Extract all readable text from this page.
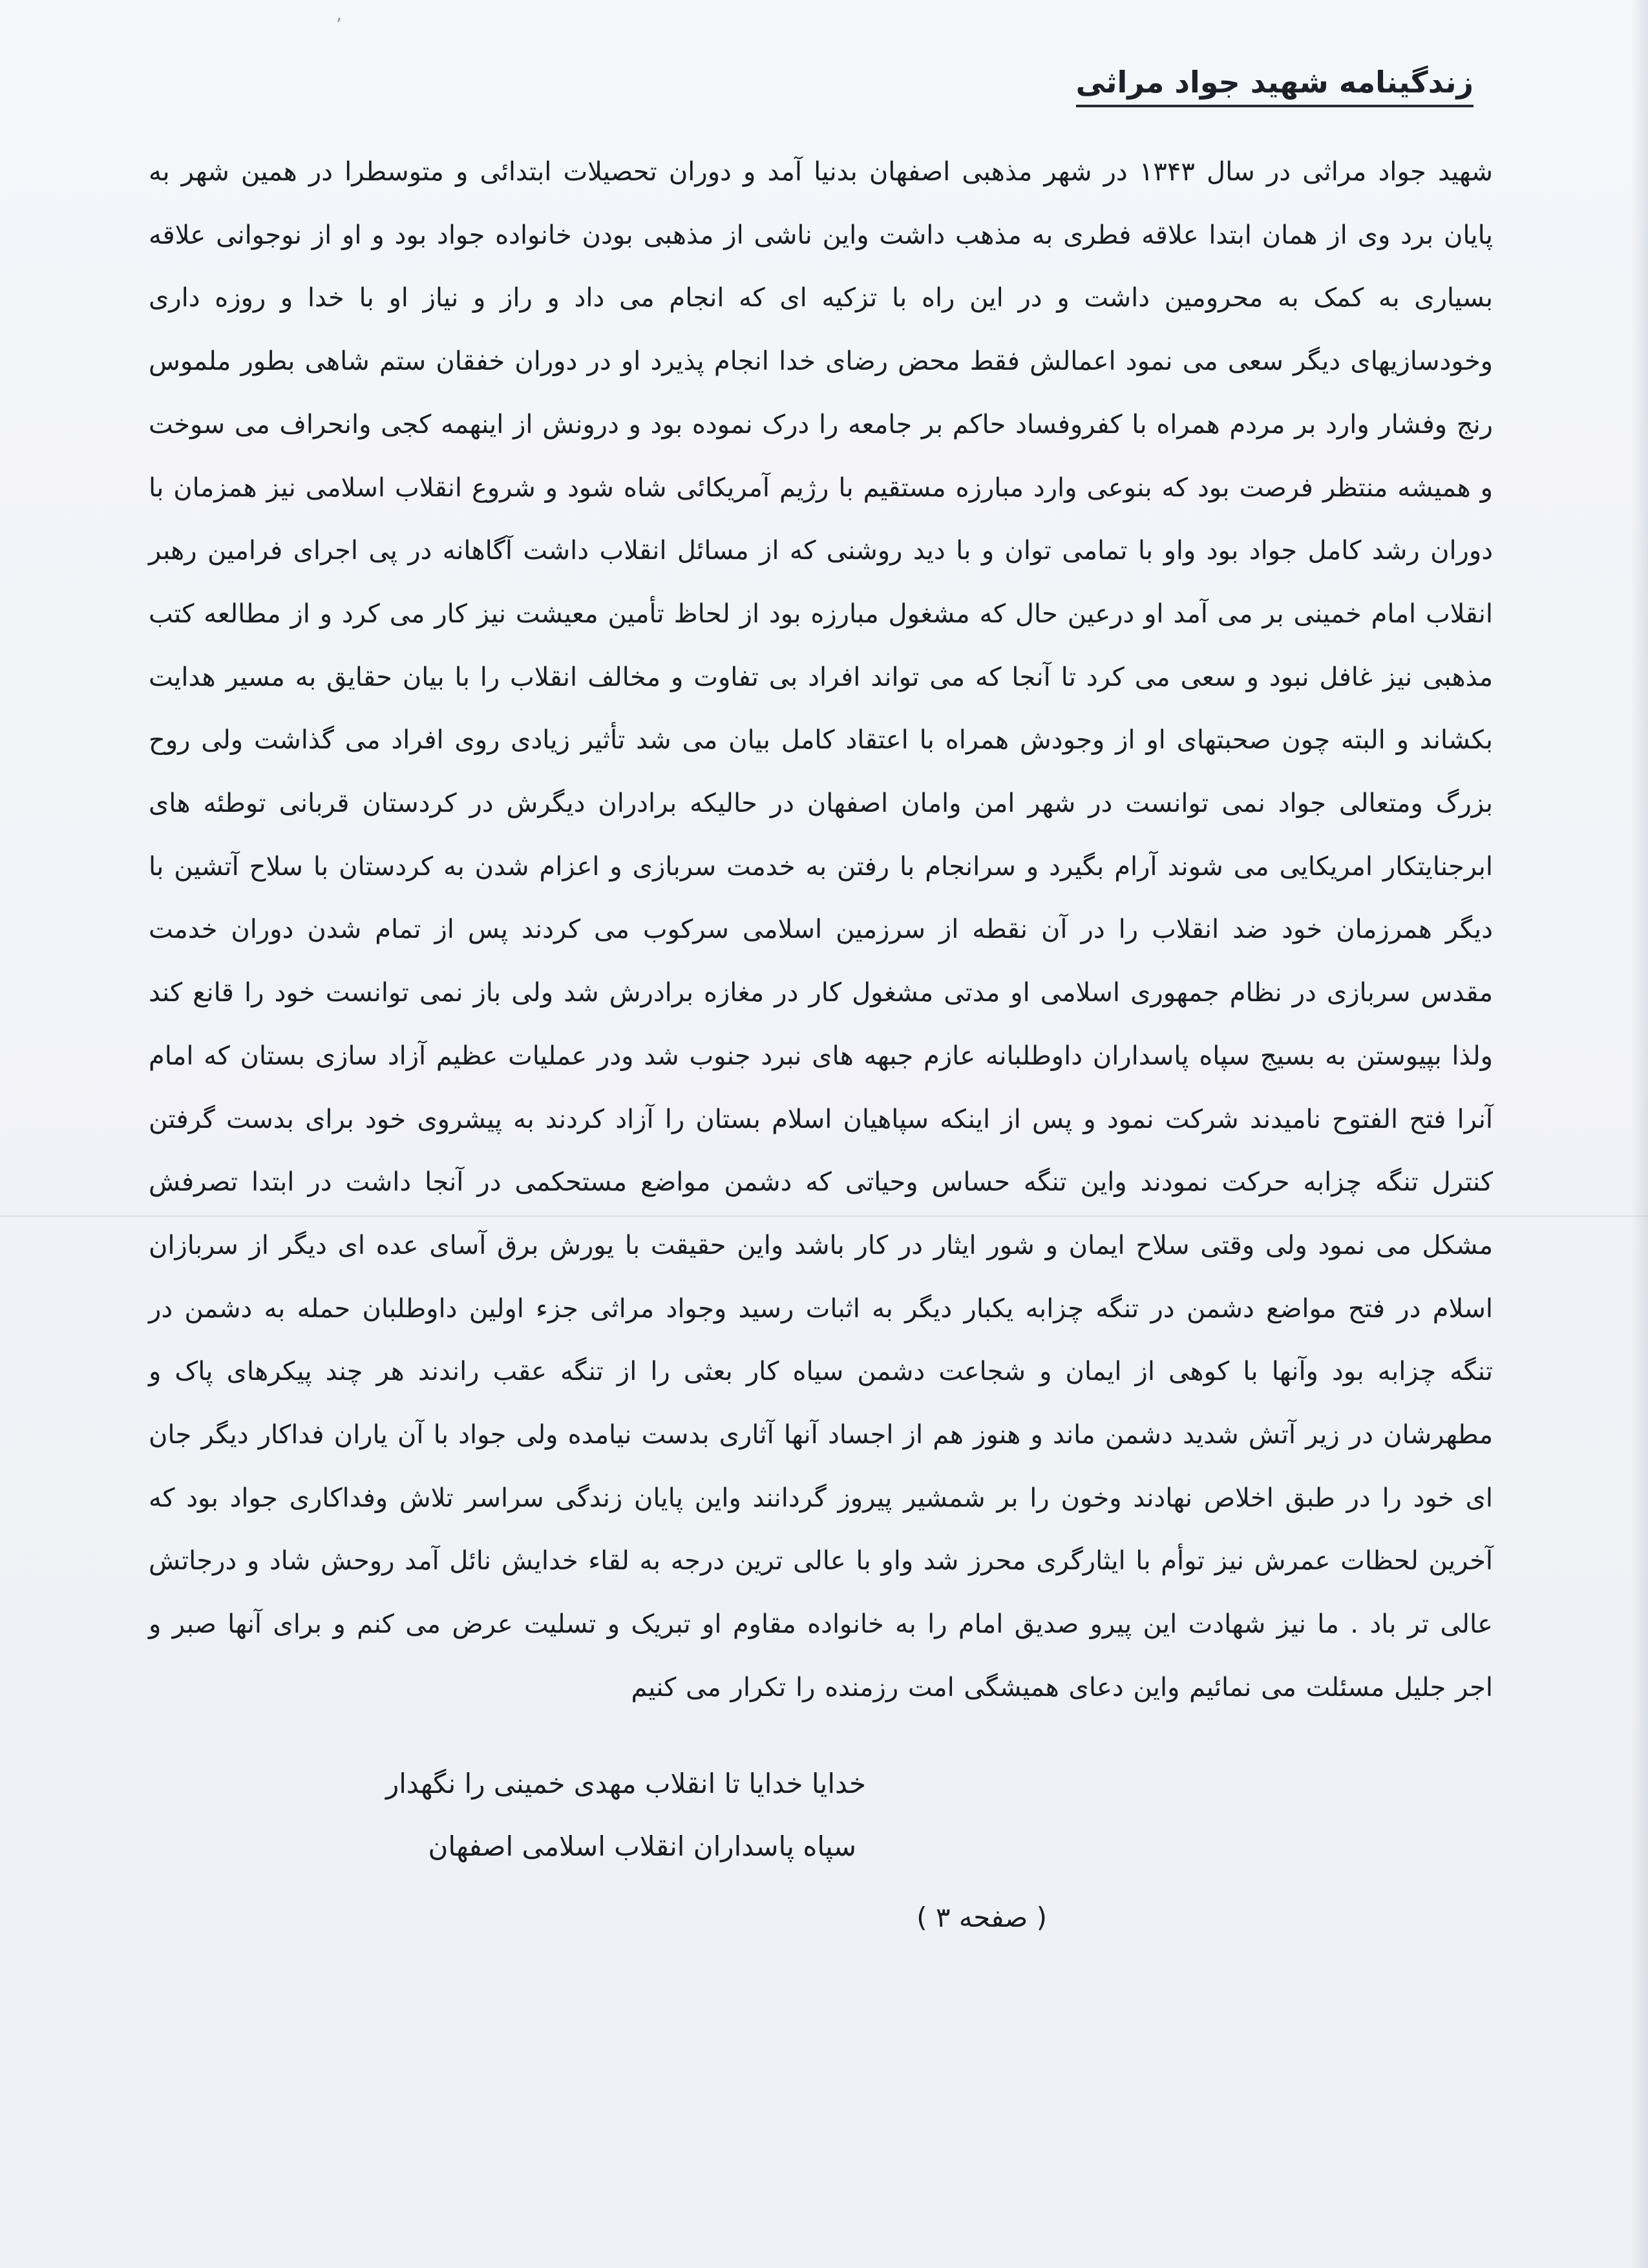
ʼ
زندگینامه شهید جواد مراثی
شهید جواد مراثی در سال ۱۳۴۳ در شهر مذهبی اصفهان بدنیا آمد و دوران تحصیلات ابتدائی و متوسطرا در همین شهر به پایان برد وی از همان ابتدا علاقه فطری به مذهب داشت واین ناشی از مذهبی بودن خانواده جواد بود و او از نوجوانی علاقه بسیاری به کمک به محرومین داشت و در این راه با تزکیه ای که انجام می داد و راز و نیاز او با خدا و روزه داری وخودسازیهای دیگر سعی می نمود اعمالش فقط محض رضای خدا انجام پذیرد او در دوران خفقان ستم شاهی بطور ملموس رنج وفشار وارد بر مردم همراه با کفروفساد حاکم بر جامعه را درک نموده بود و درونش از اینهمه کجی وانحراف می سوخت و همیشه منتظر فرصت بود که بنوعی وارد مبارزه مستقیم با رژیم آمریکائی شاه شود و شروع انقلاب اسلامی نیز همزمان با دوران رشد کامل جواد بود واو با تمامی توان و با دید روشنی که از مسائل انقلاب داشت آگاهانه در پی اجرای فرامین رهبر انقلاب امام خمینی بر می آمد او درعین حال که مشغول مبارزه بود از لحاظ تأمین معیشت نیز کار می کرد و از مطالعه کتب مذهبی نیز غافل نبود و سعی می کرد تا آنجا که می تواند افراد بی تفاوت و مخالف انقلاب را با بیان حقایق به مسیر هدایت بکشاند و البته چون صحبتهای او از وجودش همراه با اعتقاد کامل بیان می شد تأثیر زیادی روی افراد می گذاشت ولی روح بزرگ ومتعالی جواد نمی توانست در شهر امن وامان اصفهان در حالیکه برادران دیگرش در کردستان قربانی توطئه های ابرجنایتکار امریکایی می شوند آرام بگیرد و سرانجام با رفتن به خدمت سربازی و اعزام شدن به کردستان با سلاح آتشین با دیگر همرزمان خود ضد انقلاب را در آن نقطه از سرزمین اسلامی سرکوب می کردند پس از تمام شدن دوران خدمت مقدس سربازی در نظام جمهوری اسلامی او مدتی مشغول کار در مغازه برادرش شد ولی باز نمی توانست خود را قانع کند ولذا بپیوستن به بسیج سپاه پاسداران داوطلبانه عازم جبهه های نبرد جنوب شد ودر عملیات عظیم آزاد سازی بستان که امام آنرا فتح الفتوح نامیدند شرکت نمود و پس از اینکه سپاهیان اسلام بستان را آزاد کردند به پیشروی خود برای بدست گرفتن کنترل تنگه چزابه حرکت نمودند واین تنگه حساس وحیاتی که دشمن مواضع مستحکمی در آنجا داشت در ابتدا تصرفش مشکل می نمود ولی وقتی سلاح ایمان و شور ایثار در کار باشد واین حقیقت با یورش برق آسای عده ای دیگر از سربازان اسلام در فتح مواضع دشمن در تنگه چزابه یکبار دیگر به اثبات رسید وجواد مراثی جزء اولین داوطلبان حمله به دشمن در تنگه چزابه بود وآنها با کوهی از ایمان و شجاعت دشمن سیاه کار بعثی را از تنگه عقب راندند هر چند پیکرهای پاک و مطهرشان در زیر آتش شدید دشمن ماند و هنوز هم از اجساد آنها آثاری بدست نیامده ولی جواد با آن یاران فداکار دیگر جان ای خود را در طبق اخلاص نهادند وخون را بر شمشیر پیروز گردانند واین پایان زندگی سراسر تلاش وفداکاری جواد بود که آخرین لحظات عمرش نیز توأم با ایثارگری محرز شد واو با عالی ترین درجه به لقاء خدایش نائل آمد روحش شاد و درجاتش عالی تر باد . ما نیز شهادت این پیرو صدیق امام را به خانواده مقاوم او تبریک و تسلیت عرض می کنم و برای آنها صبر و اجر جلیل مسئلت می نمائیم واین دعای همیشگی امت رزمنده را تکرار می کنیم
خدایا خدایا تا انقلاب مهدی خمینی را نگهدار
سپاه پاسداران انقلاب اسلامی اصفهان
( صفحه ۳ )
